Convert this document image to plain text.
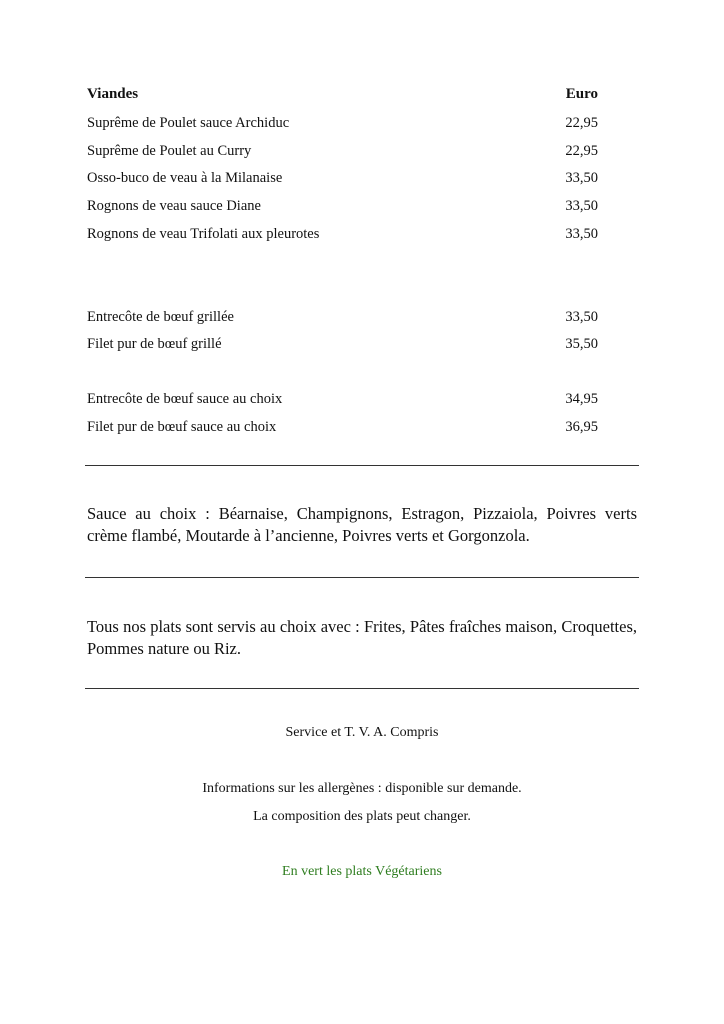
Viandes	Euro
Suprême de Poulet sauce Archiduc	22,95
Suprême de Poulet au Curry	22,95
Osso-buco de veau à la Milanaise	33,50
Rognons de veau sauce Diane	33,50
Rognons de veau Trifolati aux pleurotes	33,50
Entrecôte de bœuf grillée	33,50
Filet pur de bœuf grillé	35,50
Entrecôte de bœuf sauce au choix	34,95
Filet pur de bœuf sauce au choix	36,95
Sauce au choix : Béarnaise, Champignons, Estragon, Pizzaiola, Poivres verts crème flambé, Moutarde à l’ancienne, Poivres verts et Gorgonzola.
Tous nos plats sont servis au choix avec : Frites, Pâtes fraîches maison, Croquettes, Pommes nature ou Riz.
Service et T. V. A. Compris
Informations sur les allergènes : disponible sur demande.
La composition des plats peut changer.
En vert les plats Végétariens
